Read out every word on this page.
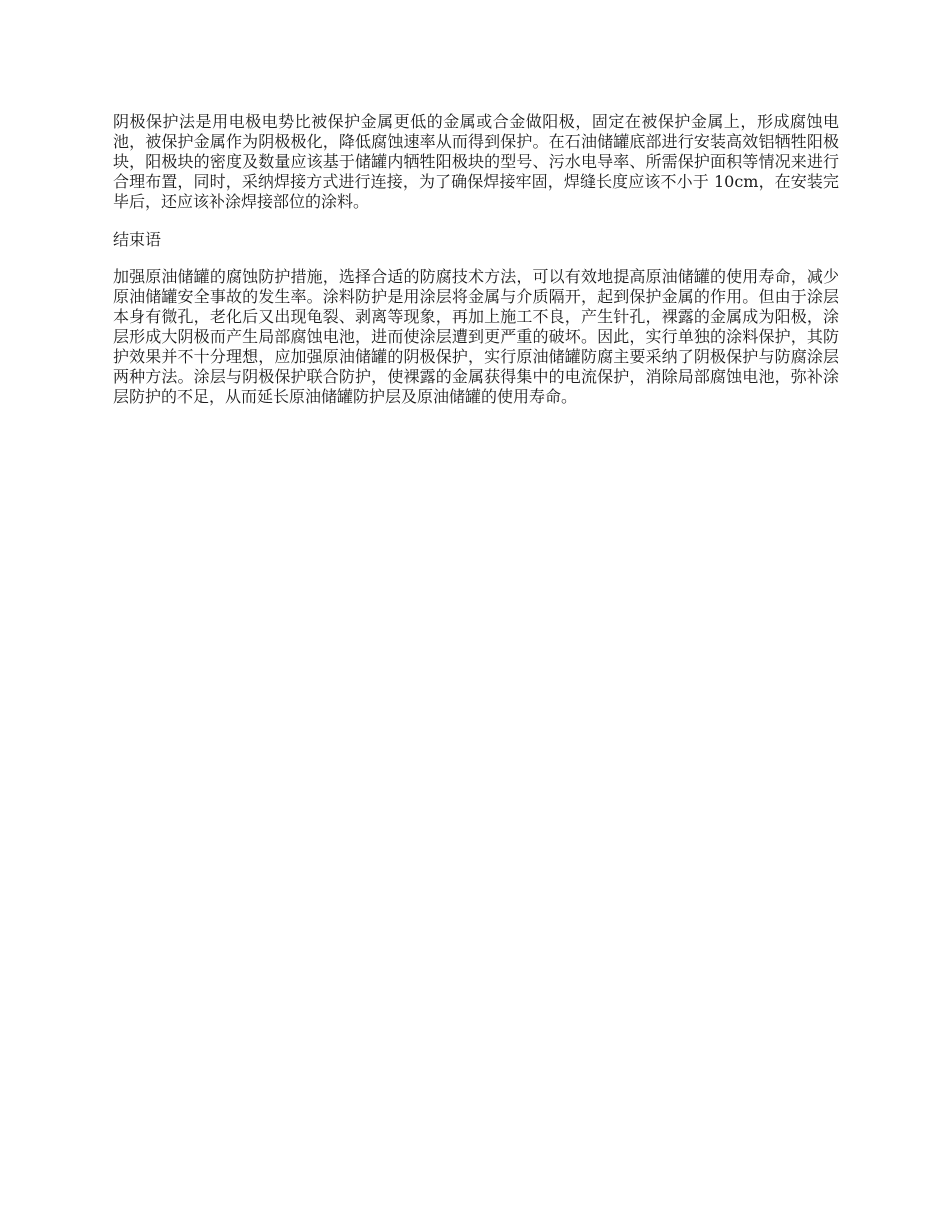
阴极保护法是用电极电势比被保护金属更低的金属或合金做阳极，固定在被保护金属上，形成腐蚀电池，被保护金属作为阴极极化，降低腐蚀速率从而得到保护。在石油储罐底部进行安装高效铝牺牲阳极块，阳极块的密度及数量应该基于储罐内牺牲阳极块的型号、污水电导率、所需保护面积等情况来进行合理布置，同时，采纳焊接方式进行连接，为了确保焊接牢固，焊缝长度应该不小于 10cm，在安装完毕后，还应该补涂焊接部位的涂料。

结束语

加强原油储罐的腐蚀防护措施，选择合适的防腐技术方法，可以有效地提高原油储罐的使用寿命，减少原油储罐安全事故的发生率。涂料防护是用涂层将金属与介质隔开，起到保护金属的作用。但由于涂层本身有微孔，老化后又出现龟裂、剥离等现象，再加上施工不良，产生针孔，裸露的金属成为阳极，涂层形成大阴极而产生局部腐蚀电池，进而使涂层遭到更严重的破坏。因此，实行单独的涂料保护，其防护效果并不十分理想，应加强原油储罐的阴极保护，实行原油储罐防腐主要采纳了阴极保护与防腐涂层两种方法。涂层与阴极保护联合防护，使裸露的金属获得集中的电流保护，消除局部腐蚀电池，弥补涂层防护的不足，从而延长原油储罐防护层及原油储罐的使用寿命。
